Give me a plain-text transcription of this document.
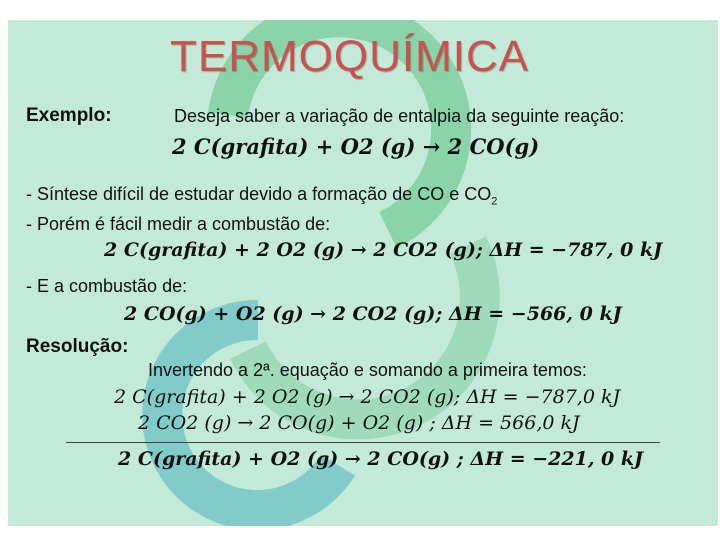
TERMOQUÍMICA
Exemplo:	Deseja saber a variação de entalpia da seguinte reação:
2 C(grafita) + O2 (g) → 2 CO(g)
- Síntese difícil de estudar devido a formação de CO e $CO_2$
- Porém é fácil medir a combustão de:
2 C(grafita) + 2 O2 (g) → 2 CO2 (g); ΔH = −787, 0 kJ
- E a combustão de:
2 CO(g) + O2 (g) → 2 CO2 (g); ΔH = −566, 0 kJ
Resolução:
Invertendo a 2ª. equação e somando a primeira temos:
2 C(grafita) + 2 O2 (g) → 2 CO2 (g); ΔH = −787,0 kJ
2 CO2 (g) → 2 CO(g) + O2 (g) ; ΔH = 566,0 kJ
2 C(grafita) + O2 (g) → 2 CO(g) ; ΔH = −221, 0 kJ
